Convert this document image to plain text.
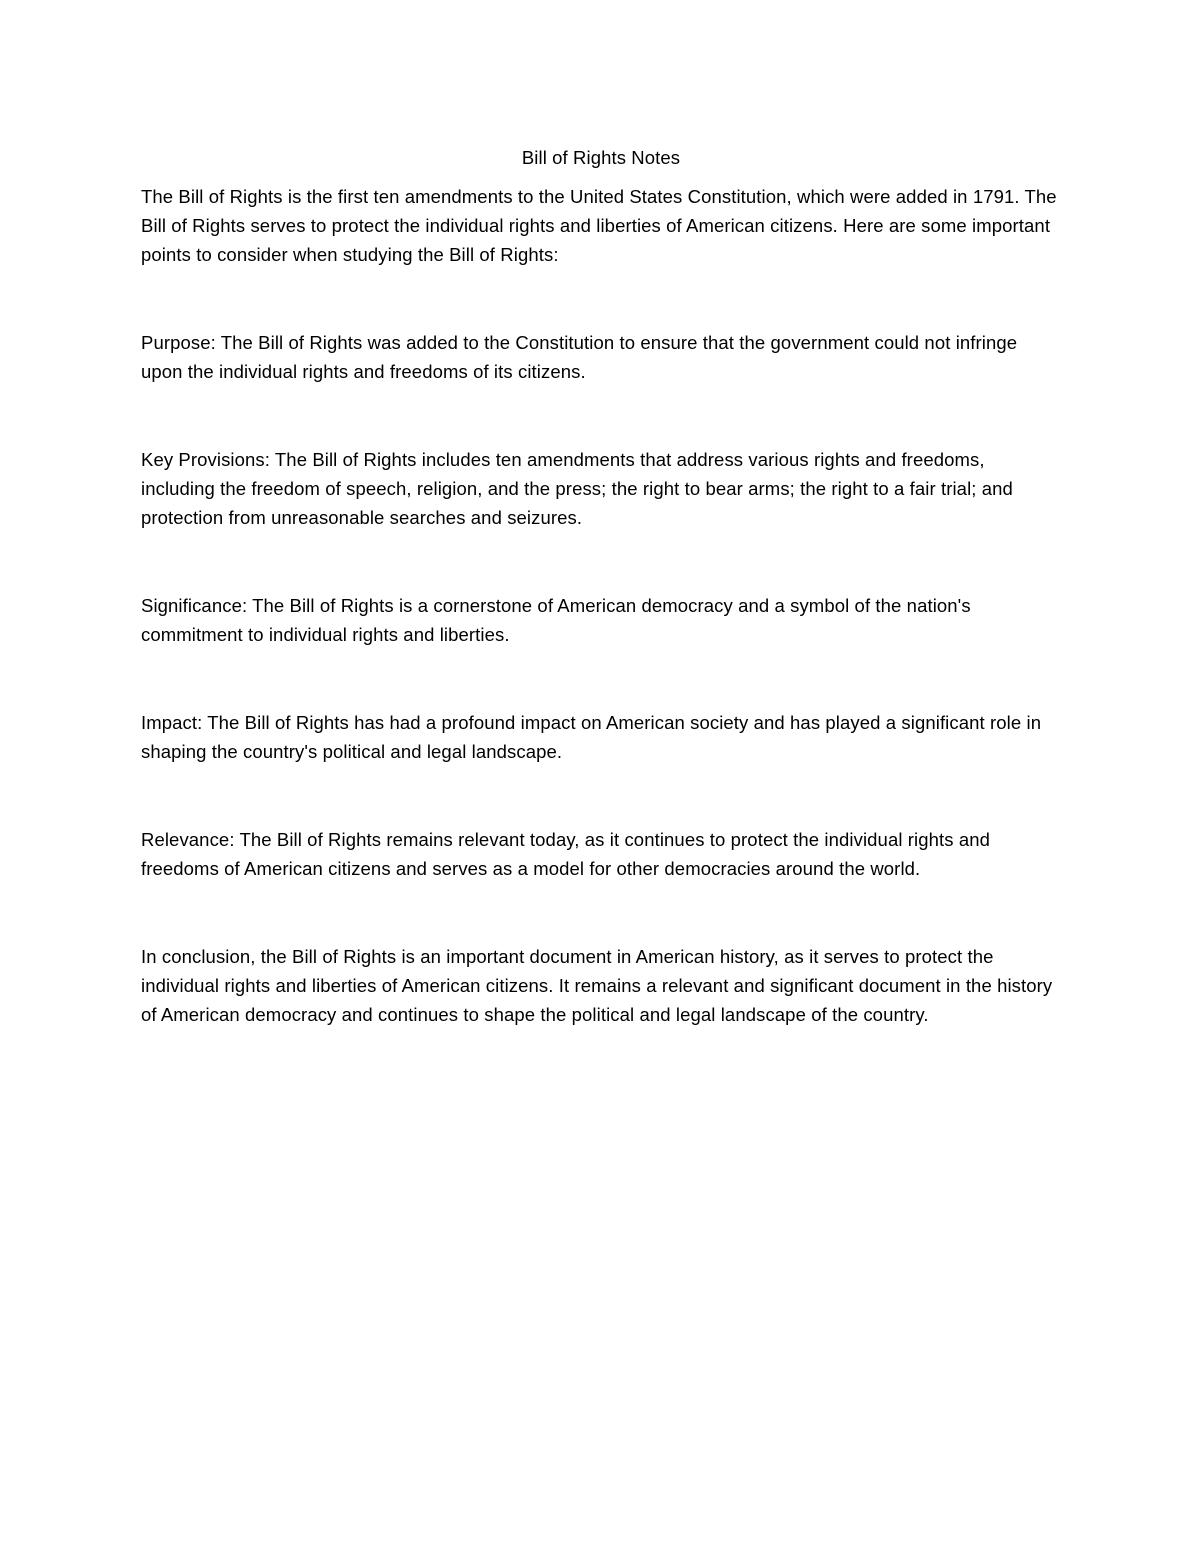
Bill of Rights Notes

The Bill of Rights is the first ten amendments to the United States Constitution, which were added in 1791. The Bill of Rights serves to protect the individual rights and liberties of American citizens. Here are some important points to consider when studying the Bill of Rights:

Purpose: The Bill of Rights was added to the Constitution to ensure that the government could not infringe upon the individual rights and freedoms of its citizens.

Key Provisions: The Bill of Rights includes ten amendments that address various rights and freedoms, including the freedom of speech, religion, and the press; the right to bear arms; the right to a fair trial; and protection from unreasonable searches and seizures.

Significance: The Bill of Rights is a cornerstone of American democracy and a symbol of the nation's commitment to individual rights and liberties.

Impact: The Bill of Rights has had a profound impact on American society and has played a significant role in shaping the country's political and legal landscape.

Relevance: The Bill of Rights remains relevant today, as it continues to protect the individual rights and freedoms of American citizens and serves as a model for other democracies around the world.

In conclusion, the Bill of Rights is an important document in American history, as it serves to protect the individual rights and liberties of American citizens. It remains a relevant and significant document in the history of American democracy and continues to shape the political and legal landscape of the country.
